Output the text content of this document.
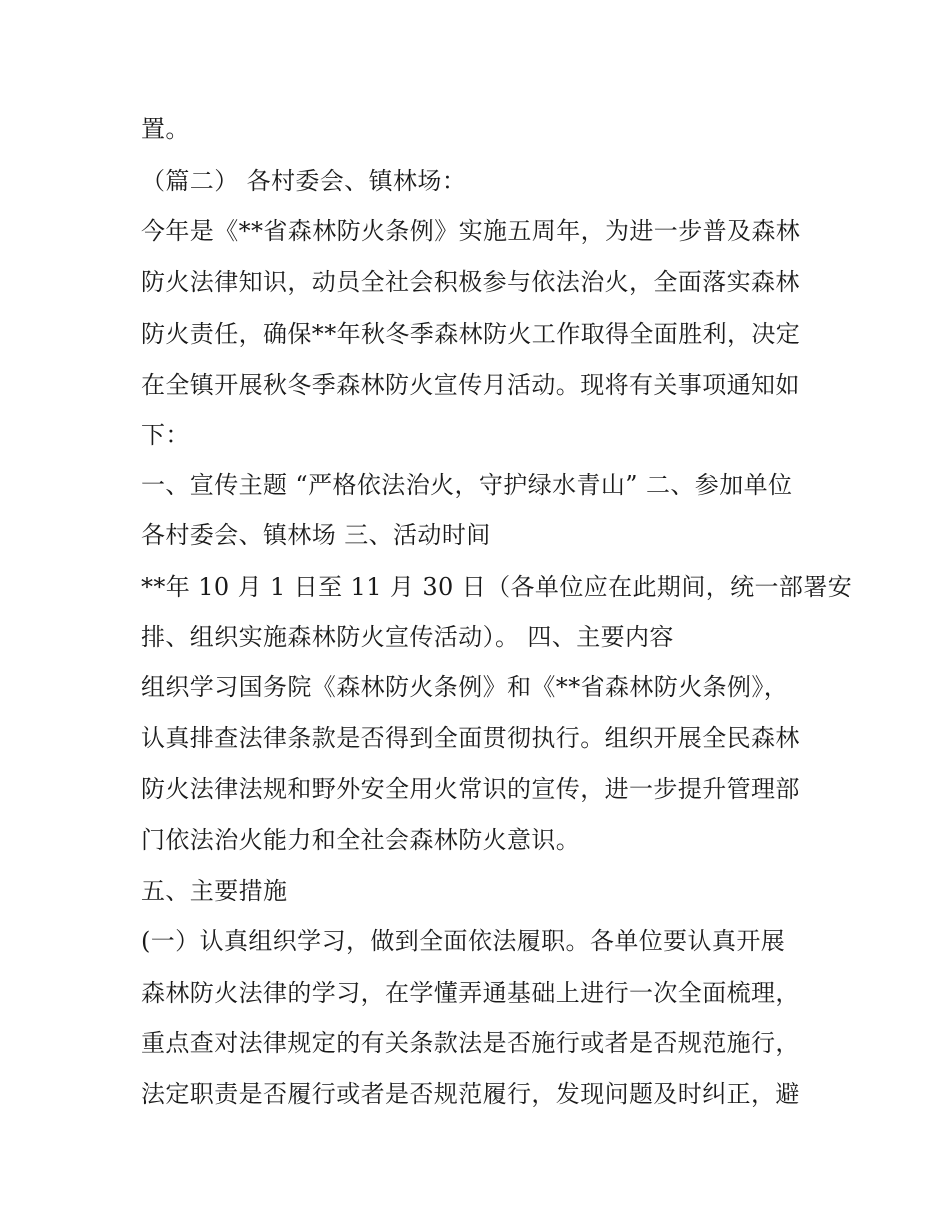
置。
（篇二） 各村委会、镇林场：
今年是《**省森林防火条例》实施五周年，为进一步普及森林
防火法律知识，动员全社会积极参与依法治火，全面落实森林
防火责任，确保**年秋冬季森林防火工作取得全面胜利，决定
在全镇开展秋冬季森林防火宣传月活动。现将有关事项通知如
下：
一、宣传主题 “严格依法治火，守护绿水青山” 二、参加单位
各村委会、镇林场 三、活动时间
**年 10 月 1 日至 11 月 30 日（各单位应在此期间，统一部署安
排、组织实施森林防火宣传活动）。 四、主要内容
组织学习国务院《森林防火条例》和《**省森林防火条例》，
认真排查法律条款是否得到全面贯彻执行。组织开展全民森林
防火法律法规和野外安全用火常识的宣传，进一步提升管理部
门依法治火能力和全社会森林防火意识。
五、主要措施
(一）认真组织学习，做到全面依法履职。各单位要认真开展
森林防火法律的学习，在学懂弄通基础上进行一次全面梳理，
重点查对法律规定的有关条款法是否施行或者是否规范施行，
法定职责是否履行或者是否规范履行，发现问题及时纠正，避
